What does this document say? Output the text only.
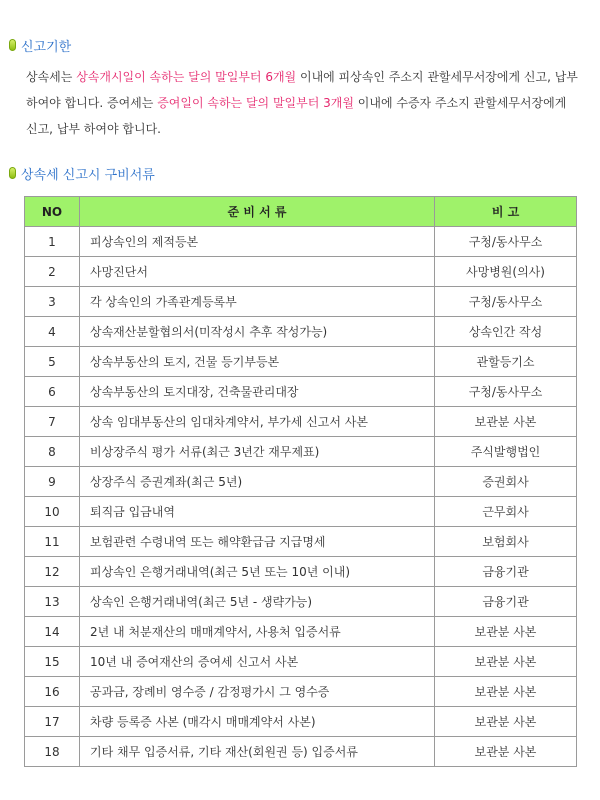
신고기한
상속세는 상속개시일이 속하는 달의 말일부터 6개월 이내에 피상속인 주소지 관할세무서장에게 신고, 납부
하여야 합니다. 증여세는 증여일이 속하는 달의 말일부터 3개월 이내에 수증자 주소지 관할세무서장에게
신고, 납부 하여야 합니다.
상속세 신고시 구비서류
NO	준 비 서 류	비 고
1	피상속인의 제적등본	구청/동사무소
2	사망진단서	사망병원(의사)
3	각 상속인의 가족관계등록부	구청/동사무소
4	상속재산분할협의서(미작성시 추후 작성가능)	상속인간 작성
5	상속부동산의 토지, 건물 등기부등본	관할등기소
6	상속부동산의 토지대장, 건축물관리대장	구청/동사무소
7	상속 임대부동산의 임대차계약서, 부가세 신고서 사본	보관분 사본
8	비상장주식 평가 서류(최근 3년간 재무제표)	주식발행법인
9	상장주식 증권계좌(최근 5년)	증권회사
10	퇴직금 입금내역	근무회사
11	보험관련 수령내역 또는 해약환급금 지급명세	보험회사
12	피상속인 은행거래내역(최근 5년 또는 10년 이내)	금융기관
13	상속인 은행거래내역(최근 5년 - 생략가능)	금융기관
14	2년 내 처분재산의 매매계약서, 사용처 입증서류	보관분 사본
15	10년 내 증여재산의 증여세 신고서 사본	보관분 사본
16	공과금, 장례비 영수증 / 감정평가시 그 영수증	보관분 사본
17	차량 등록증 사본 (매각시 매매계약서 사본)	보관분 사본
18	기타 채무 입증서류, 기타 재산(회원권 등) 입증서류	보관분 사본
